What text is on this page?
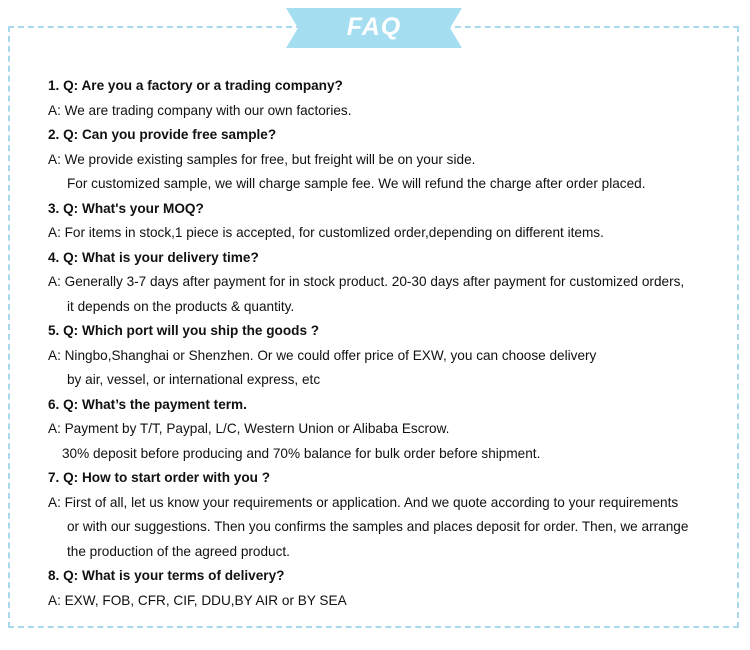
FAQ
1. Q: Are you a factory or a trading company?
A: We are trading company with our own factories.
2. Q: Can you provide free sample?
A: We provide existing samples for free, but freight will be on your side.
For customized sample, we will charge sample fee. We will refund the charge after order placed.
3. Q: What's your MOQ?
A: For items in stock,1 piece is accepted, for customlized order,depending on different items.
4. Q: What is your delivery time?
A: Generally 3-7 days after payment for in stock product. 20-30 days after payment for customized orders,
it depends on the products & quantity.
5. Q: Which port will you ship the goods ?
A: Ningbo,Shanghai or Shenzhen. Or we could offer price of EXW, you can choose delivery
by air, vessel, or international express, etc
6. Q: What’s the payment term.
A: Payment by T/T, Paypal, L/C, Western Union or Alibaba Escrow.
30% deposit before producing and 70% balance for bulk order before shipment.
7. Q: How to start order with you ?
A: First of all, let us know your requirements or application. And we quote according to your requirements
or with our suggestions. Then you confirms the samples and places deposit for order. Then, we arrange
the production of the agreed product.
8. Q: What is your terms of delivery?
A: EXW, FOB, CFR, CIF, DDU,BY AIR or BY SEA
